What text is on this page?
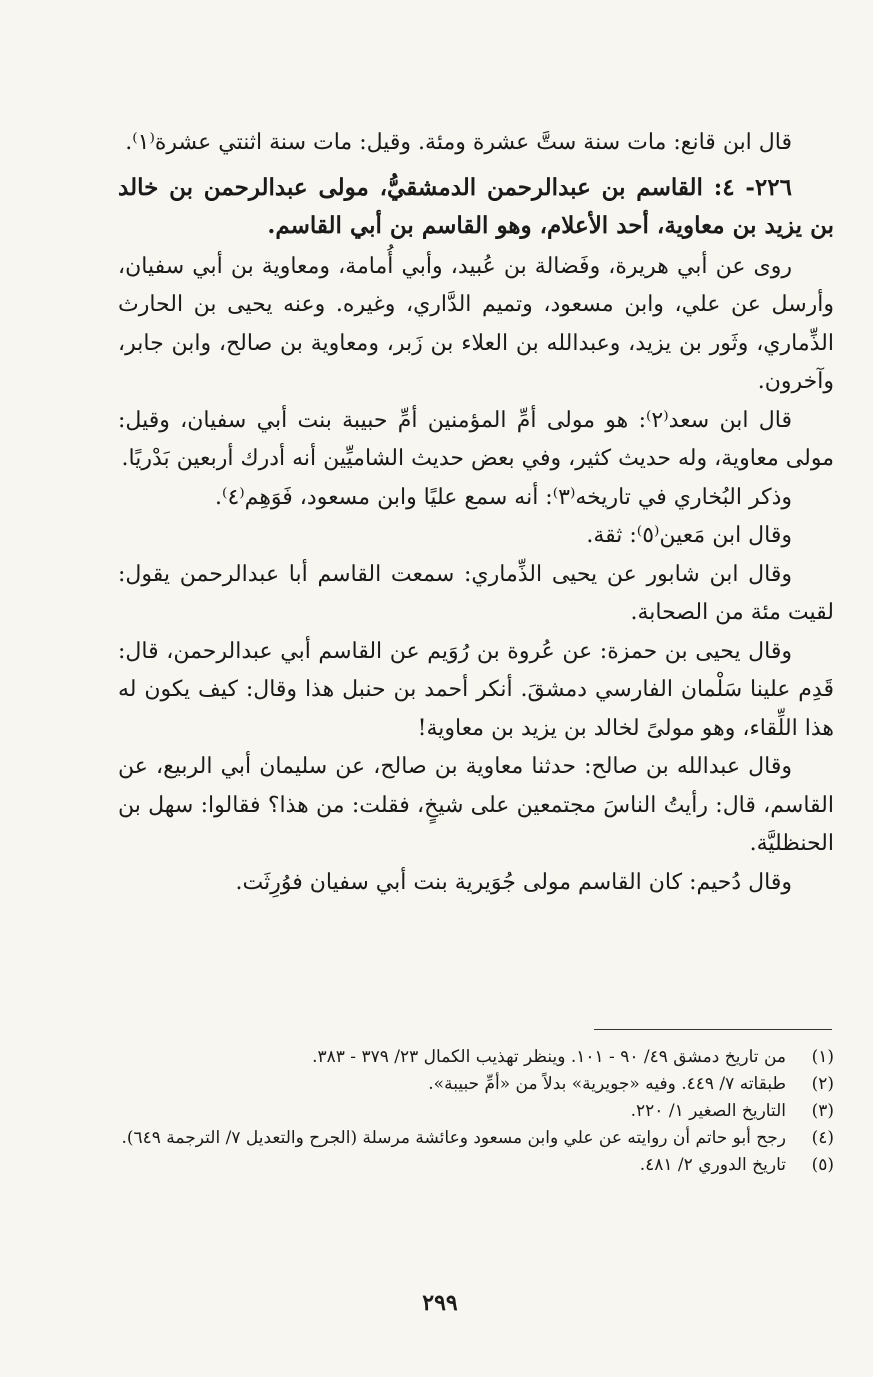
قال ابن قانع: مات سنة ستَّ عشرة ومئة. وقيل: مات سنة اثنتي عشرة⁽١⁾.

٢٢٦- ٤: القاسم بن عبدالرحمن الدمشقيُّ، مولى عبدالرحمن بن خالد بن يزيد بن معاوية، أحد الأعلام، وهو القاسم بن أبي القاسم.

روى عن أبي هريرة، وفَضالة بن عُبيد، وأبي أُمامة، ومعاوية بن أبي سفيان، وأرسل عن علي، وابن مسعود، وتميم الدَّاري، وغيره. وعنه يحيى بن الحارث الذِّماري، وثَور بن يزيد، وعبدالله بن العلاء بن زَبر، ومعاوية بن صالح، وابن جابر، وآخرون.

قال ابن سعد⁽٢⁾: هو مولى أمِّ المؤمنين أمِّ حبيبة بنت أبي سفيان، وقيل: مولى معاوية، وله حديث كثير، وفي بعض حديث الشاميِّين أنه أدرك أربعين بَدْريًا.

وذكر البُخاري في تاريخه⁽٣⁾: أنه سمع عليًا وابن مسعود، فَوَهِم⁽٤⁾.

وقال ابن مَعين⁽٥⁾: ثقة.

وقال ابن شابور عن يحيى الذِّماري: سمعت القاسم أبا عبدالرحمن يقول: لقيت مئة من الصحابة.

وقال يحيى بن حمزة: عن عُروة بن رُوَيم عن القاسم أبي عبدالرحمن، قال: قَدِم علينا سَلْمان الفارسي دمشقَ. أنكر أحمد بن حنبل هذا وقال: كيف يكون له هذا اللِّقاء، وهو مولىً لخالد بن يزيد بن معاوية!

وقال عبدالله بن صالح: حدثنا معاوية بن صالح، عن سليمان أبي الربيع، عن القاسم، قال: رأيتُ الناسَ مجتمعين على شيخٍ، فقلت: من هذا؟ فقالوا: سهل بن الحنظليَّة.

وقال دُحيم: كان القاسم مولى جُوَيرية بنت أبي سفيان فوُرِثَت.

(١)
من تاريخ دمشق ٤٩/ ٩٠ - ١٠١. وينظر تهذيب الكمال ٢٣/ ٣٧٩ - ٣٨٣.
(٢)
طبقاته ٧/ ٤٤٩. وفيه «جويرية» بدلاً من «أمِّ حبيبة».
(٣)
التاريخ الصغير ١/ ٢٢٠.
(٤)
رجح أبو حاتم أن روايته عن علي وابن مسعود وعائشة مرسلة (الجرح والتعديل ٧/ الترجمة ٦٤٩).
(٥)
تاريخ الدوري ٢/ ٤٨١.
٢٩٩
